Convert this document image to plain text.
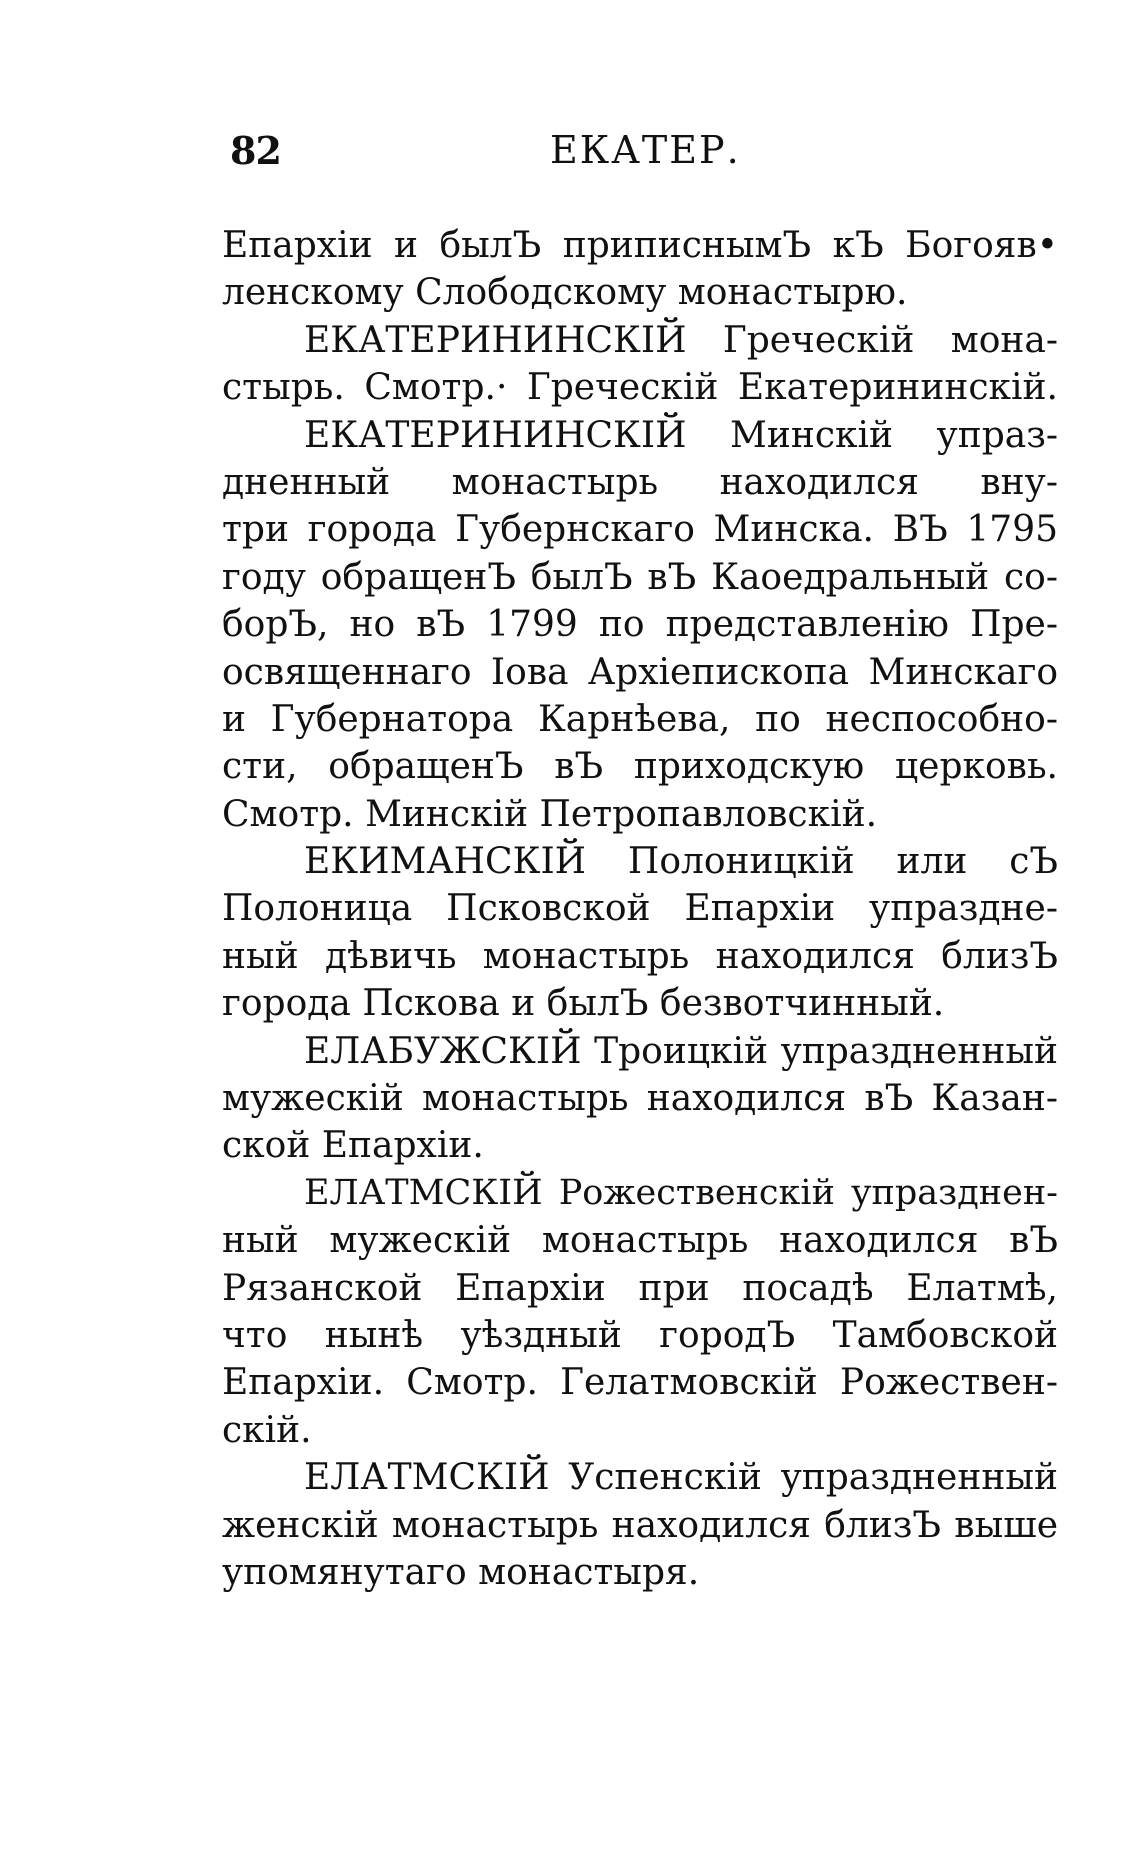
82	ЕКАТЕР.
Епархiи и былЪ приписнымЪ кЪ Богояв•
ленскому Слободскому монастырю.
ЕКАТЕРИНИНСКIЙ Греческiй мона-
стырь. Смотр.· Греческiй Екатерининскiй.
ЕКАТЕРИНИНСКIЙ Минскiй упраз-
дненный монастырь находился вну-
три города Губернскаго Минска. ВЪ 1795
году обращенЪ былЪ вЪ Каоедральный со-
борЪ, но вЪ 1799 по представленiю Пре-
освященнаго Iова Архiепископа Минскаго
и Губернатора Карнѣева, по неспособно-
сти, обращенЪ вЪ приходскую церковь.
Смотр. Минскiй Петропавловскiй.
ЕКИМАНСКIЙ Полоницкiй или сЪ
Полоница Псковской Епархiи упраздне-
ный дѣвичь монастырь находился близЪ
города Пскова и былЪ безвотчинный.
ЕЛАБУЖСКIЙ Троицкiй упраздненный
мужескiй монастырь находился вЪ Казан-
ской Епархiи.
ЕЛАТМСКIЙ Рожественскiй упразднен-
ный мужескiй монастырь находился вЪ
Рязанской Епархiи при посадѣ Елатмѣ,
что нынѣ уѣздный городЪ Тамбовской
Епархiи. Смотр. Гелатмовскiй Рожествен-
скiй.
ЕЛАТМСКIЙ Успенскiй упраздненный
женскiй монастырь находился близЪ выше
упомянутаго монастыря.
